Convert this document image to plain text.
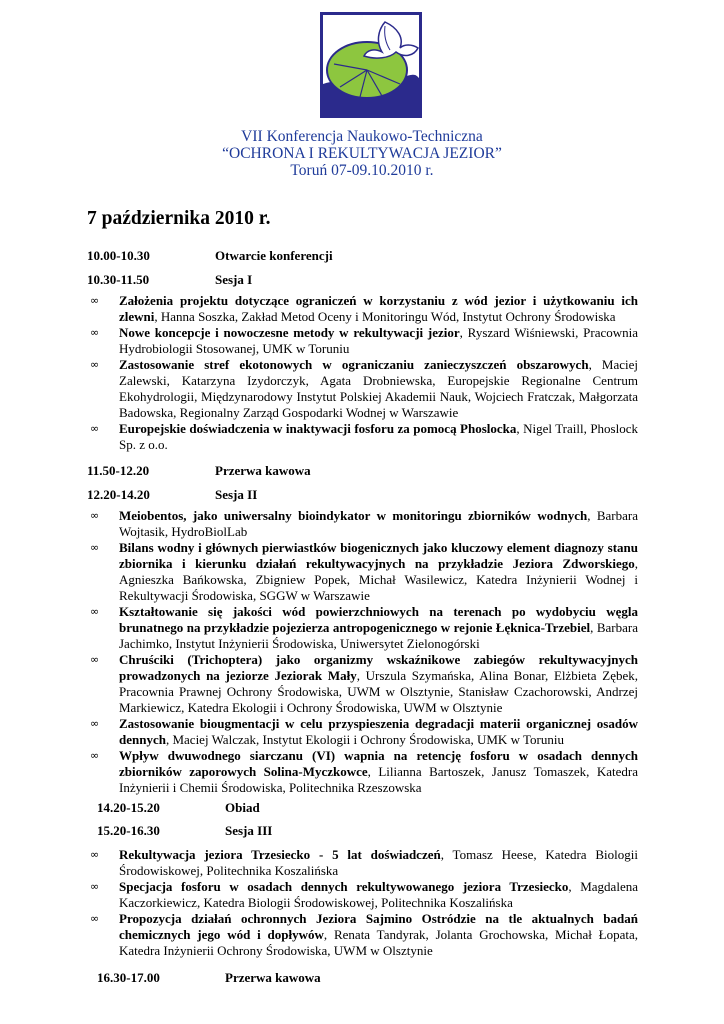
VII Konferencja Naukowo-Techniczna
“OCHRONA I REKULTYWACJA JEZIOR”
Toruń 07-09.10.2010 r.
7 października 2010 r.
10.00-10.30	Otwarcie konferencji
10.30-11.50	Sesja I
∞ Założenia projektu dotyczące ograniczeń w korzystaniu z wód jezior i użytkowaniu ich zlewni, Hanna Soszka, Zakład Metod Oceny i Monitoringu Wód, Instytut Ochrony Środowiska
∞ Nowe koncepcje i nowoczesne metody w rekultywacji jezior, Ryszard Wiśniewski, Pracownia Hydrobiologii Stosowanej, UMK w Toruniu
∞ Zastosowanie stref ekotonowych w ograniczaniu zanieczyszczeń obszarowych, Maciej Zalewski, Katarzyna Izydorczyk, Agata Drobniewska, Europejskie Regionalne Centrum Ekohydrologii, Międzynarodowy Instytut Polskiej Akademii Nauk, Wojciech Fratczak, Małgorzata Badowska, Regionalny Zarząd Gospodarki Wodnej w Warszawie
∞ Europejskie doświadczenia w inaktywacji fosforu za pomocą Phoslocka, Nigel Traill, Phoslock Sp. z o.o.
11.50-12.20	Przerwa kawowa
12.20-14.20	Sesja II
∞ Meiobentos, jako uniwersalny bioindykator w monitoringu zbiorników wodnych, Barbara Wojtasik, HydroBiolLab
∞ Bilans wodny i głównych pierwiastków biogenicznych jako kluczowy element diagnozy stanu zbiornika i kierunku działań rekultywacyjnych na przykładzie Jeziora Zdworskiego, Agnieszka Bańkowska, Zbigniew Popek, Michał Wasilewicz, Katedra Inżynierii Wodnej i Rekultywacji Środowiska, SGGW w Warszawie
∞ Kształtowanie się jakości wód powierzchniowych na terenach po wydobyciu węgla brunatnego na przykładzie pojezierza antropogenicznego w rejonie Łęknica-Trzebiel, Barbara Jachimko, Instytut Inżynierii Środowiska, Uniwersytet Zielonogórski
∞ Chruściki (Trichoptera) jako organizmy wskaźnikowe zabiegów rekultywacyjnych prowadzonych na jeziorze Jeziorak Mały, Urszula Szymańska, Alina Bonar, Elżbieta Zębek, Pracownia Prawnej Ochrony Środowiska, UWM w Olsztynie, Stanisław Czachorowski, Andrzej Markiewicz, Katedra Ekologii i Ochrony Środowiska, UWM w Olsztynie
∞ Zastosowanie biougmentacji w celu przyspieszenia degradacji materii organicznej osadów dennych, Maciej Walczak, Instytut Ekologii i Ochrony Środowiska, UMK w Toruniu
∞ Wpływ dwuwodnego siarczanu (VI) wapnia na retencję fosforu w osadach dennych zbiorników zaporowych Solina-Myczkowce, Lilianna Bartoszek, Janusz Tomaszek, Katedra Inżynierii i Chemii Środowiska, Politechnika Rzeszowska
14.20-15.20	Obiad
15.20-16.30	Sesja III
∞ Rekultywacja jeziora Trzesiecko - 5 lat doświadczeń, Tomasz Heese, Katedra Biologii Środowiskowej, Politechnika Koszalińska
∞ Specjacja fosforu w osadach dennych rekultywowanego jeziora Trzesiecko, Magdalena Kaczorkiewicz, Katedra Biologii Środowiskowej, Politechnika Koszalińska
∞ Propozycja działań ochronnych Jeziora Sajmino Ostródzie na tle aktualnych badań chemicznych jego wód i dopływów, Renata Tandyrak, Jolanta Grochowska, Michał Łopata, Katedra Inżynierii Ochrony Środowiska, UWM w Olsztynie
16.30-17.00	Przerwa kawowa
